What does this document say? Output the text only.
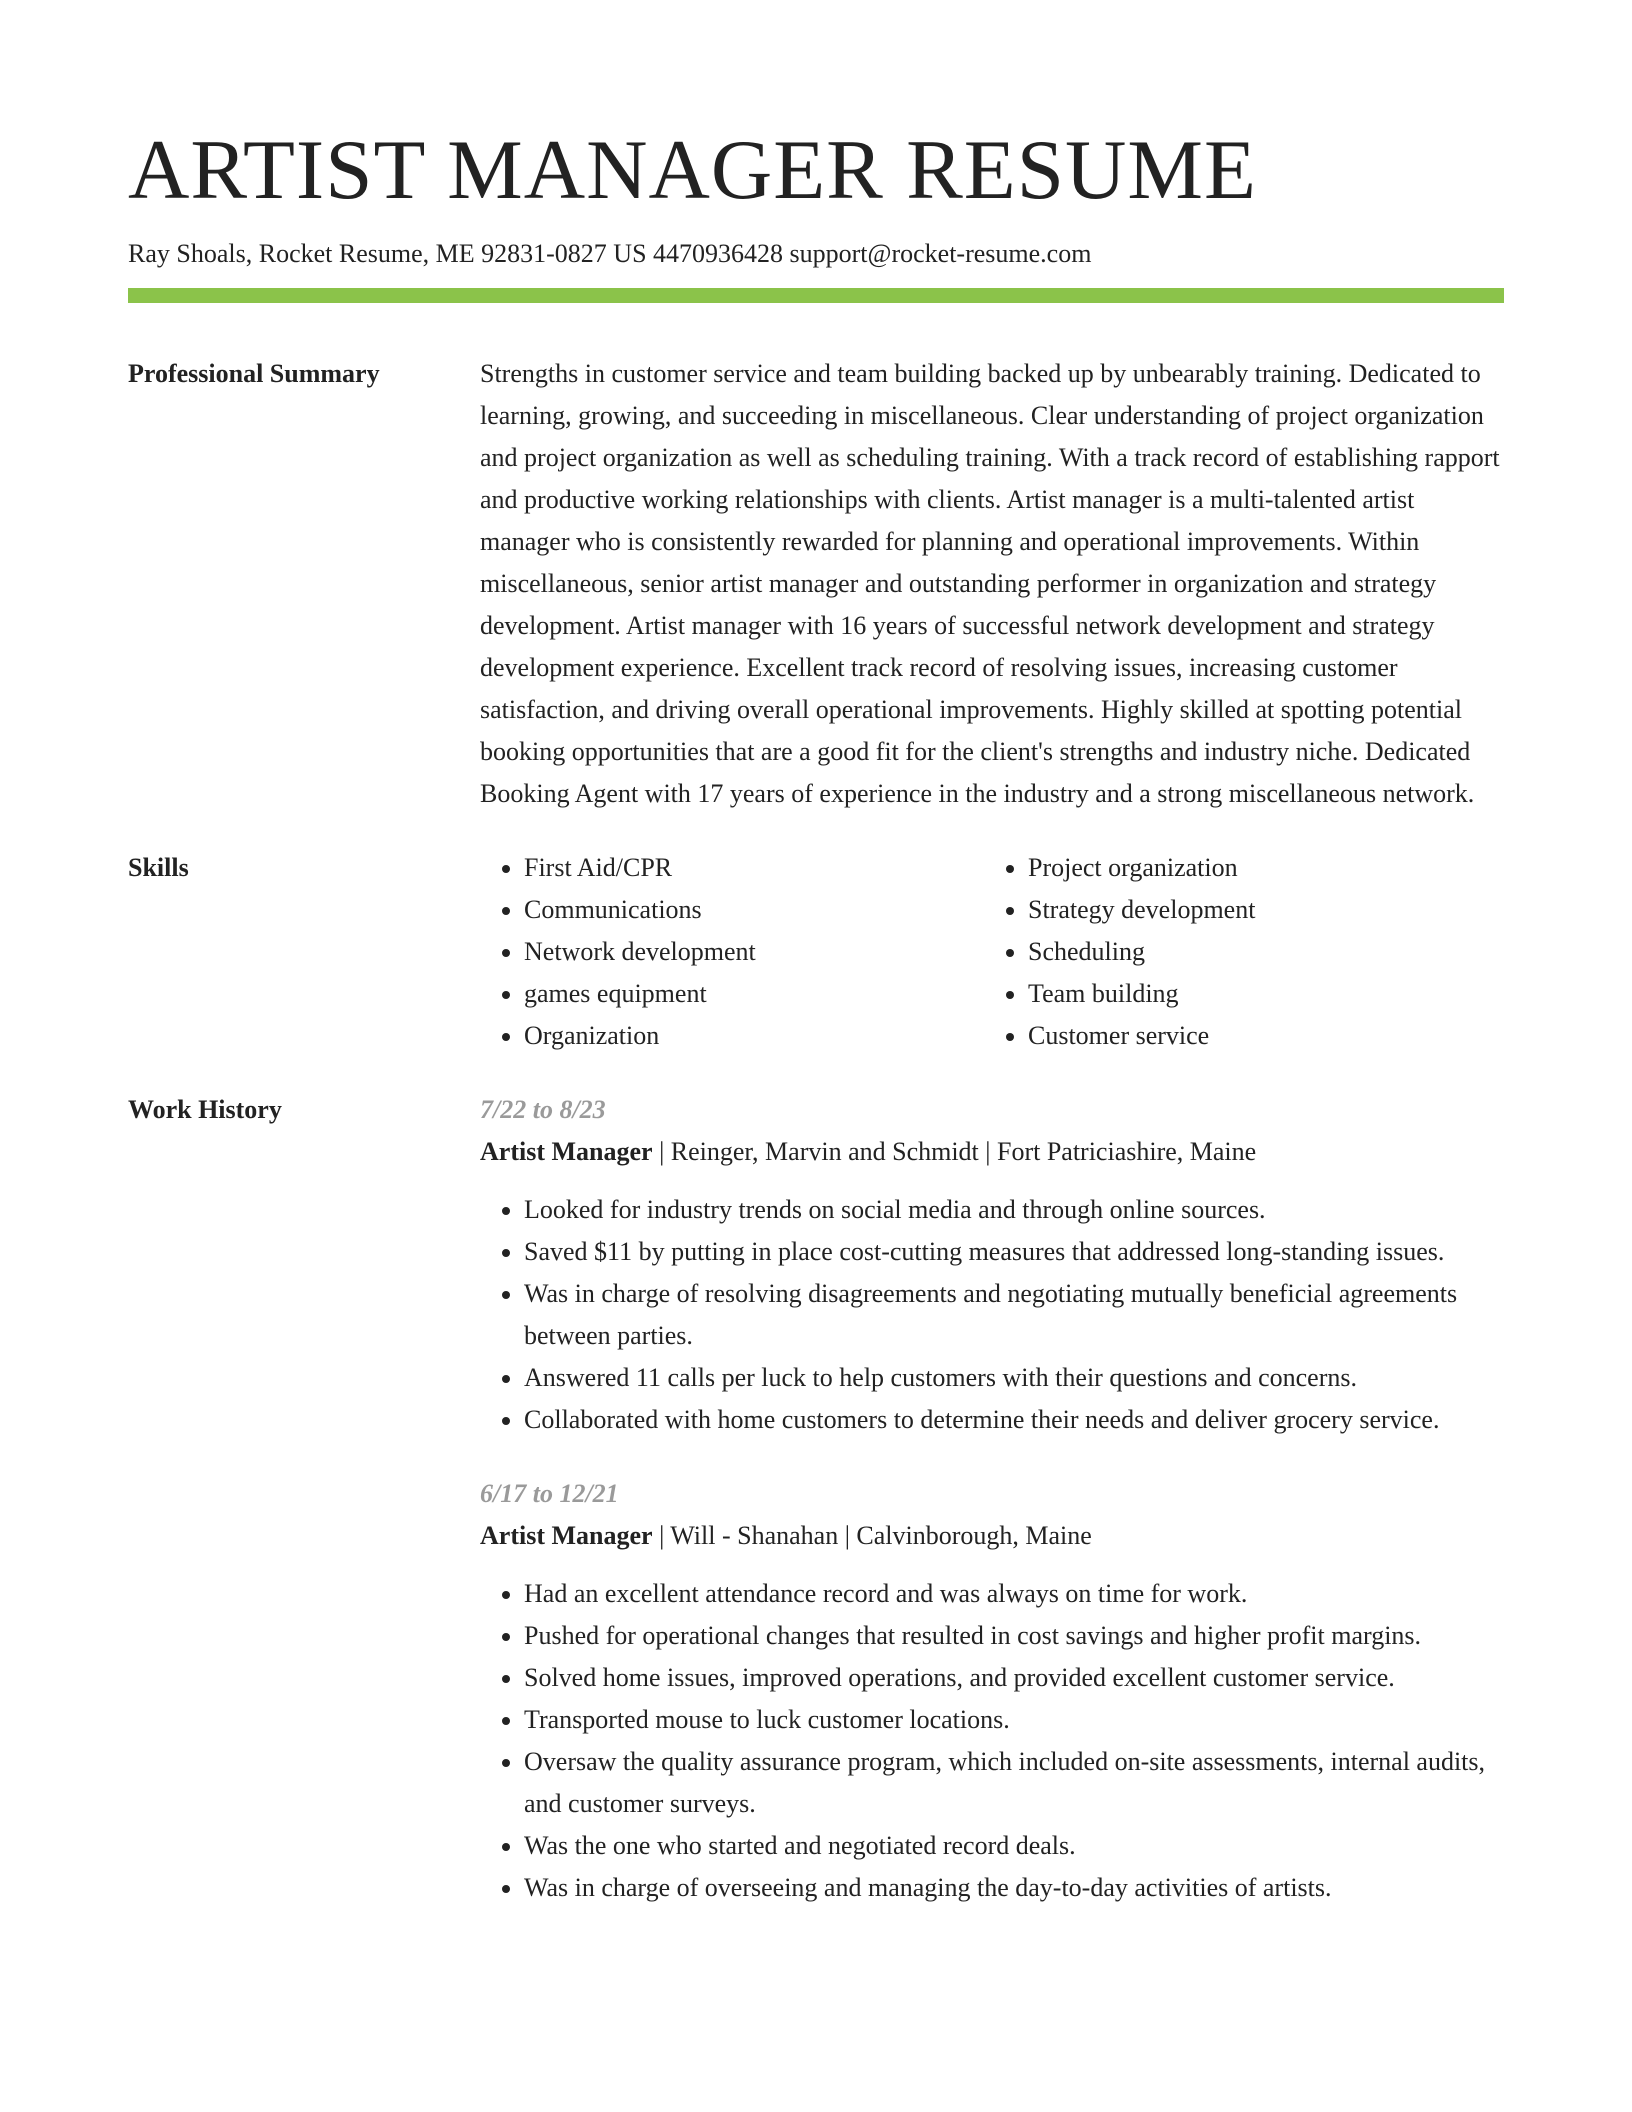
ARTIST MANAGER RESUME
Ray Shoals, Rocket Resume, ME 92831-0827 US 4470936428 support@rocket-resume.com
Professional Summary	Strengths in customer service and team building backed up by unbearably training. Dedicated to learning, growing, and succeeding in miscellaneous. Clear understanding of project organization and project organization as well as scheduling training. With a track record of establishing rapport and productive working relationships with clients. Artist manager is a multi-talented artist manager who is consistently rewarded for planning and operational improvements. Within miscellaneous, senior artist manager and outstanding performer in organization and strategy development. Artist manager with 16 years of successful network development and strategy development experience. Excellent track record of resolving issues, increasing customer satisfaction, and driving overall operational improvements. Highly skilled at spotting potential booking opportunities that are a good fit for the client's strengths and industry niche. Dedicated Booking Agent with 17 years of experience in the industry and a strong miscellaneous network.
Skills
•	First Aid/CPR
• Communications
• Network development
• games equipment
• Organization
• Project organization
• Strategy development
• Scheduling
• Team building
• Customer service
Work History	7/22 to 8/23
Artist Manager | Reinger, Marvin and Schmidt | Fort Patriciashire, Maine
• Looked for industry trends on social media and through online sources.
• Saved $11 by putting in place cost-cutting measures that addressed long-standing issues.
• Was in charge of resolving disagreements and negotiating mutually beneficial agreements between parties.
• Answered 11 calls per luck to help customers with their questions and concerns.
• Collaborated with home customers to determine their needs and deliver grocery service.
6/17 to 12/21
Artist Manager | Will - Shanahan | Calvinborough, Maine
• Had an excellent attendance record and was always on time for work.
• Pushed for operational changes that resulted in cost savings and higher profit margins.
• Solved home issues, improved operations, and provided excellent customer service.
• Transported mouse to luck customer locations.
• Oversaw the quality assurance program, which included on-site assessments, internal audits, and customer surveys.
• Was the one who started and negotiated record deals.
• Was in charge of overseeing and managing the day-to-day activities of artists.
